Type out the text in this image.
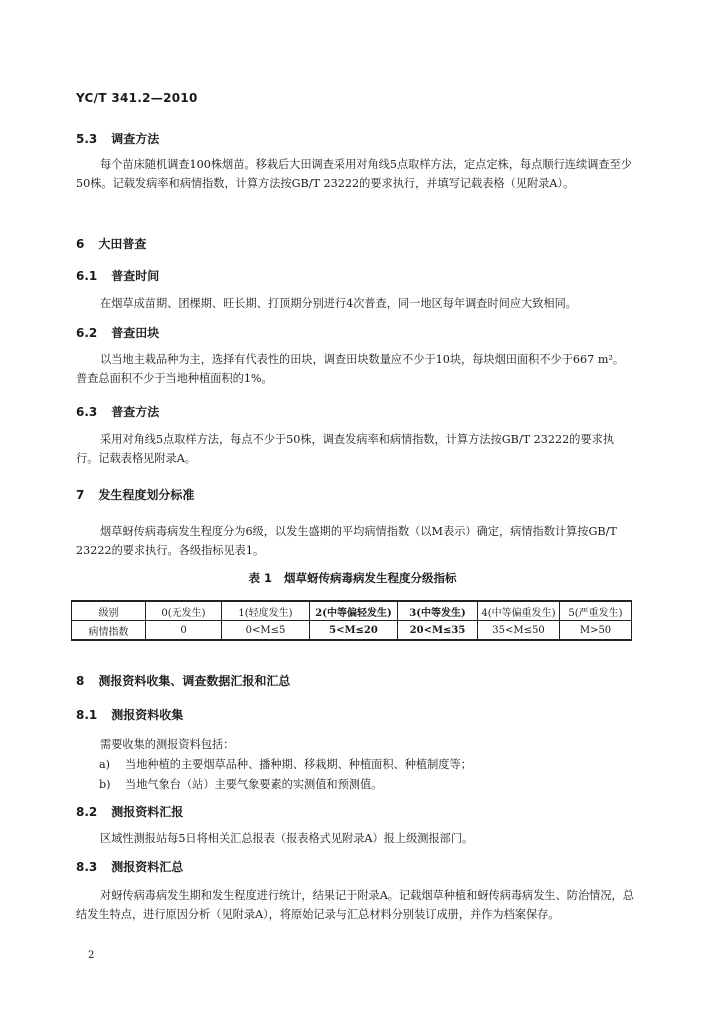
YC/T 341.2—2010
5.3 调查方法
每个苗床随机调查100株烟苗。移栽后大田调查采用对角线5点取样方法，定点定株，每点顺行连续调查至少50株。记载发病率和病情指数，计算方法按GB/T 23222的要求执行，并填写记载表格（见附录A）。
6 大田普查
6.1 普查时间
在烟草成苗期、团棵期、旺长期、打顶期分别进行4次普查，同一地区每年调查时间应大致相同。
6.2 普查田块
以当地主栽品种为主，选择有代表性的田块，调查田块数量应不少于10块，每块烟田面积不少于667 m²。普查总面积不少于当地种植面积的1%。
6.3 普查方法
采用对角线5点取样方法，每点不少于50株，调查发病率和病情指数，计算方法按GB/T 23222的要求执行。记载表格见附录A。
7 发生程度划分标准
烟草蚜传病毒病发生程度分为6级，以发生盛期的平均病情指数（以M表示）确定，病情指数计算按GB/T 23222的要求执行。各级指标见表1。
表 1 烟草蚜传病毒病发生程度分级指标
级别	0(无发生)	1(轻度发生)	2(中等偏轻发生)	3(中等发生)	4(中等偏重发生)	5(严重发生)
病情指数	0	0<M≤5	5<M≤20	20<M≤35	35<M≤50	M>50
8 测报资料收集、调查数据汇报和汇总
8.1 测报资料收集
需要收集的测报资料包括：
a) 当地种植的主要烟草品种、播种期、移栽期、种植面积、种植制度等；
b) 当地气象台（站）主要气象要素的实测值和预测值。
8.2 测报资料汇报
区域性测报站每5日将相关汇总报表（报表格式见附录A）报上级测报部门。
8.3 测报资料汇总
对蚜传病毒病发生期和发生程度进行统计，结果记于附录A。记载烟草种植和蚜传病毒病发生、防治情况，总结发生特点，进行原因分析（见附录A），将原始记录与汇总材料分别装订成册，并作为档案保存。
2
